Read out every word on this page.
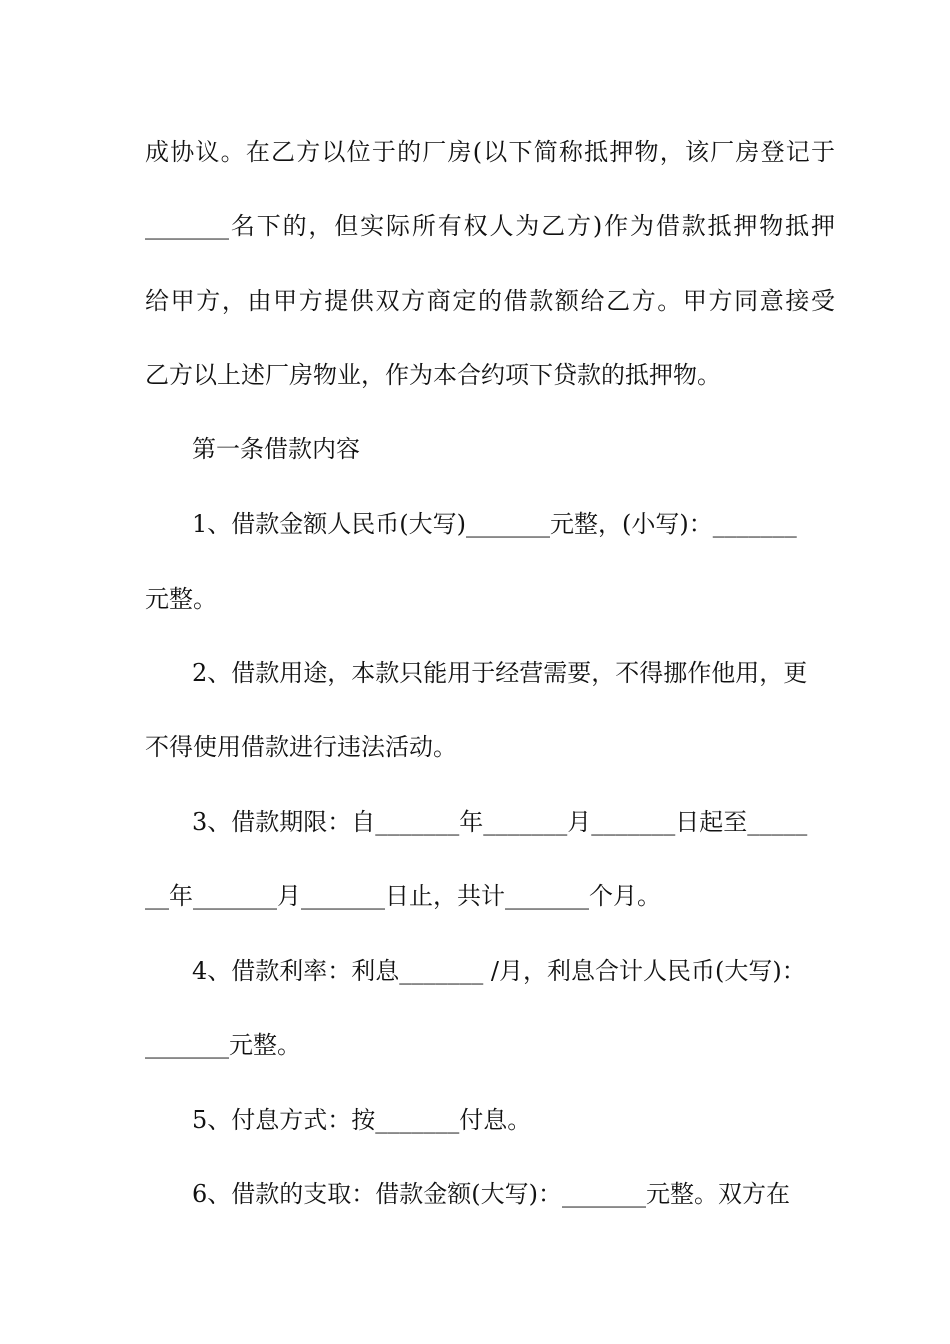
成协议。在乙方以位于的厂房(以下简称抵押物，该厂房登记于
_______名下的，但实际所有权人为乙方)作为借款抵押物抵押
给甲方，由甲方提供双方商定的借款额给乙方。甲方同意接受
乙方以上述厂房物业，作为本合约项下贷款的抵押物。
第一条借款内容
1、借款金额人民币(大写)_______元整，(小写)：_______
元整。
2、借款用途，本款只能用于经营需要，不得挪作他用，更
不得使用借款进行违法活动。
3、借款期限：自_______年_______月_______日起至_____
__年_______月_______日止，共计_______个月。
4、借款利率：利息_______ /月，利息合计人民币(大写)：
_______元整。
5、付息方式：按_______付息。
6、借款的支取：借款金额(大写)：_______元整。双方在
